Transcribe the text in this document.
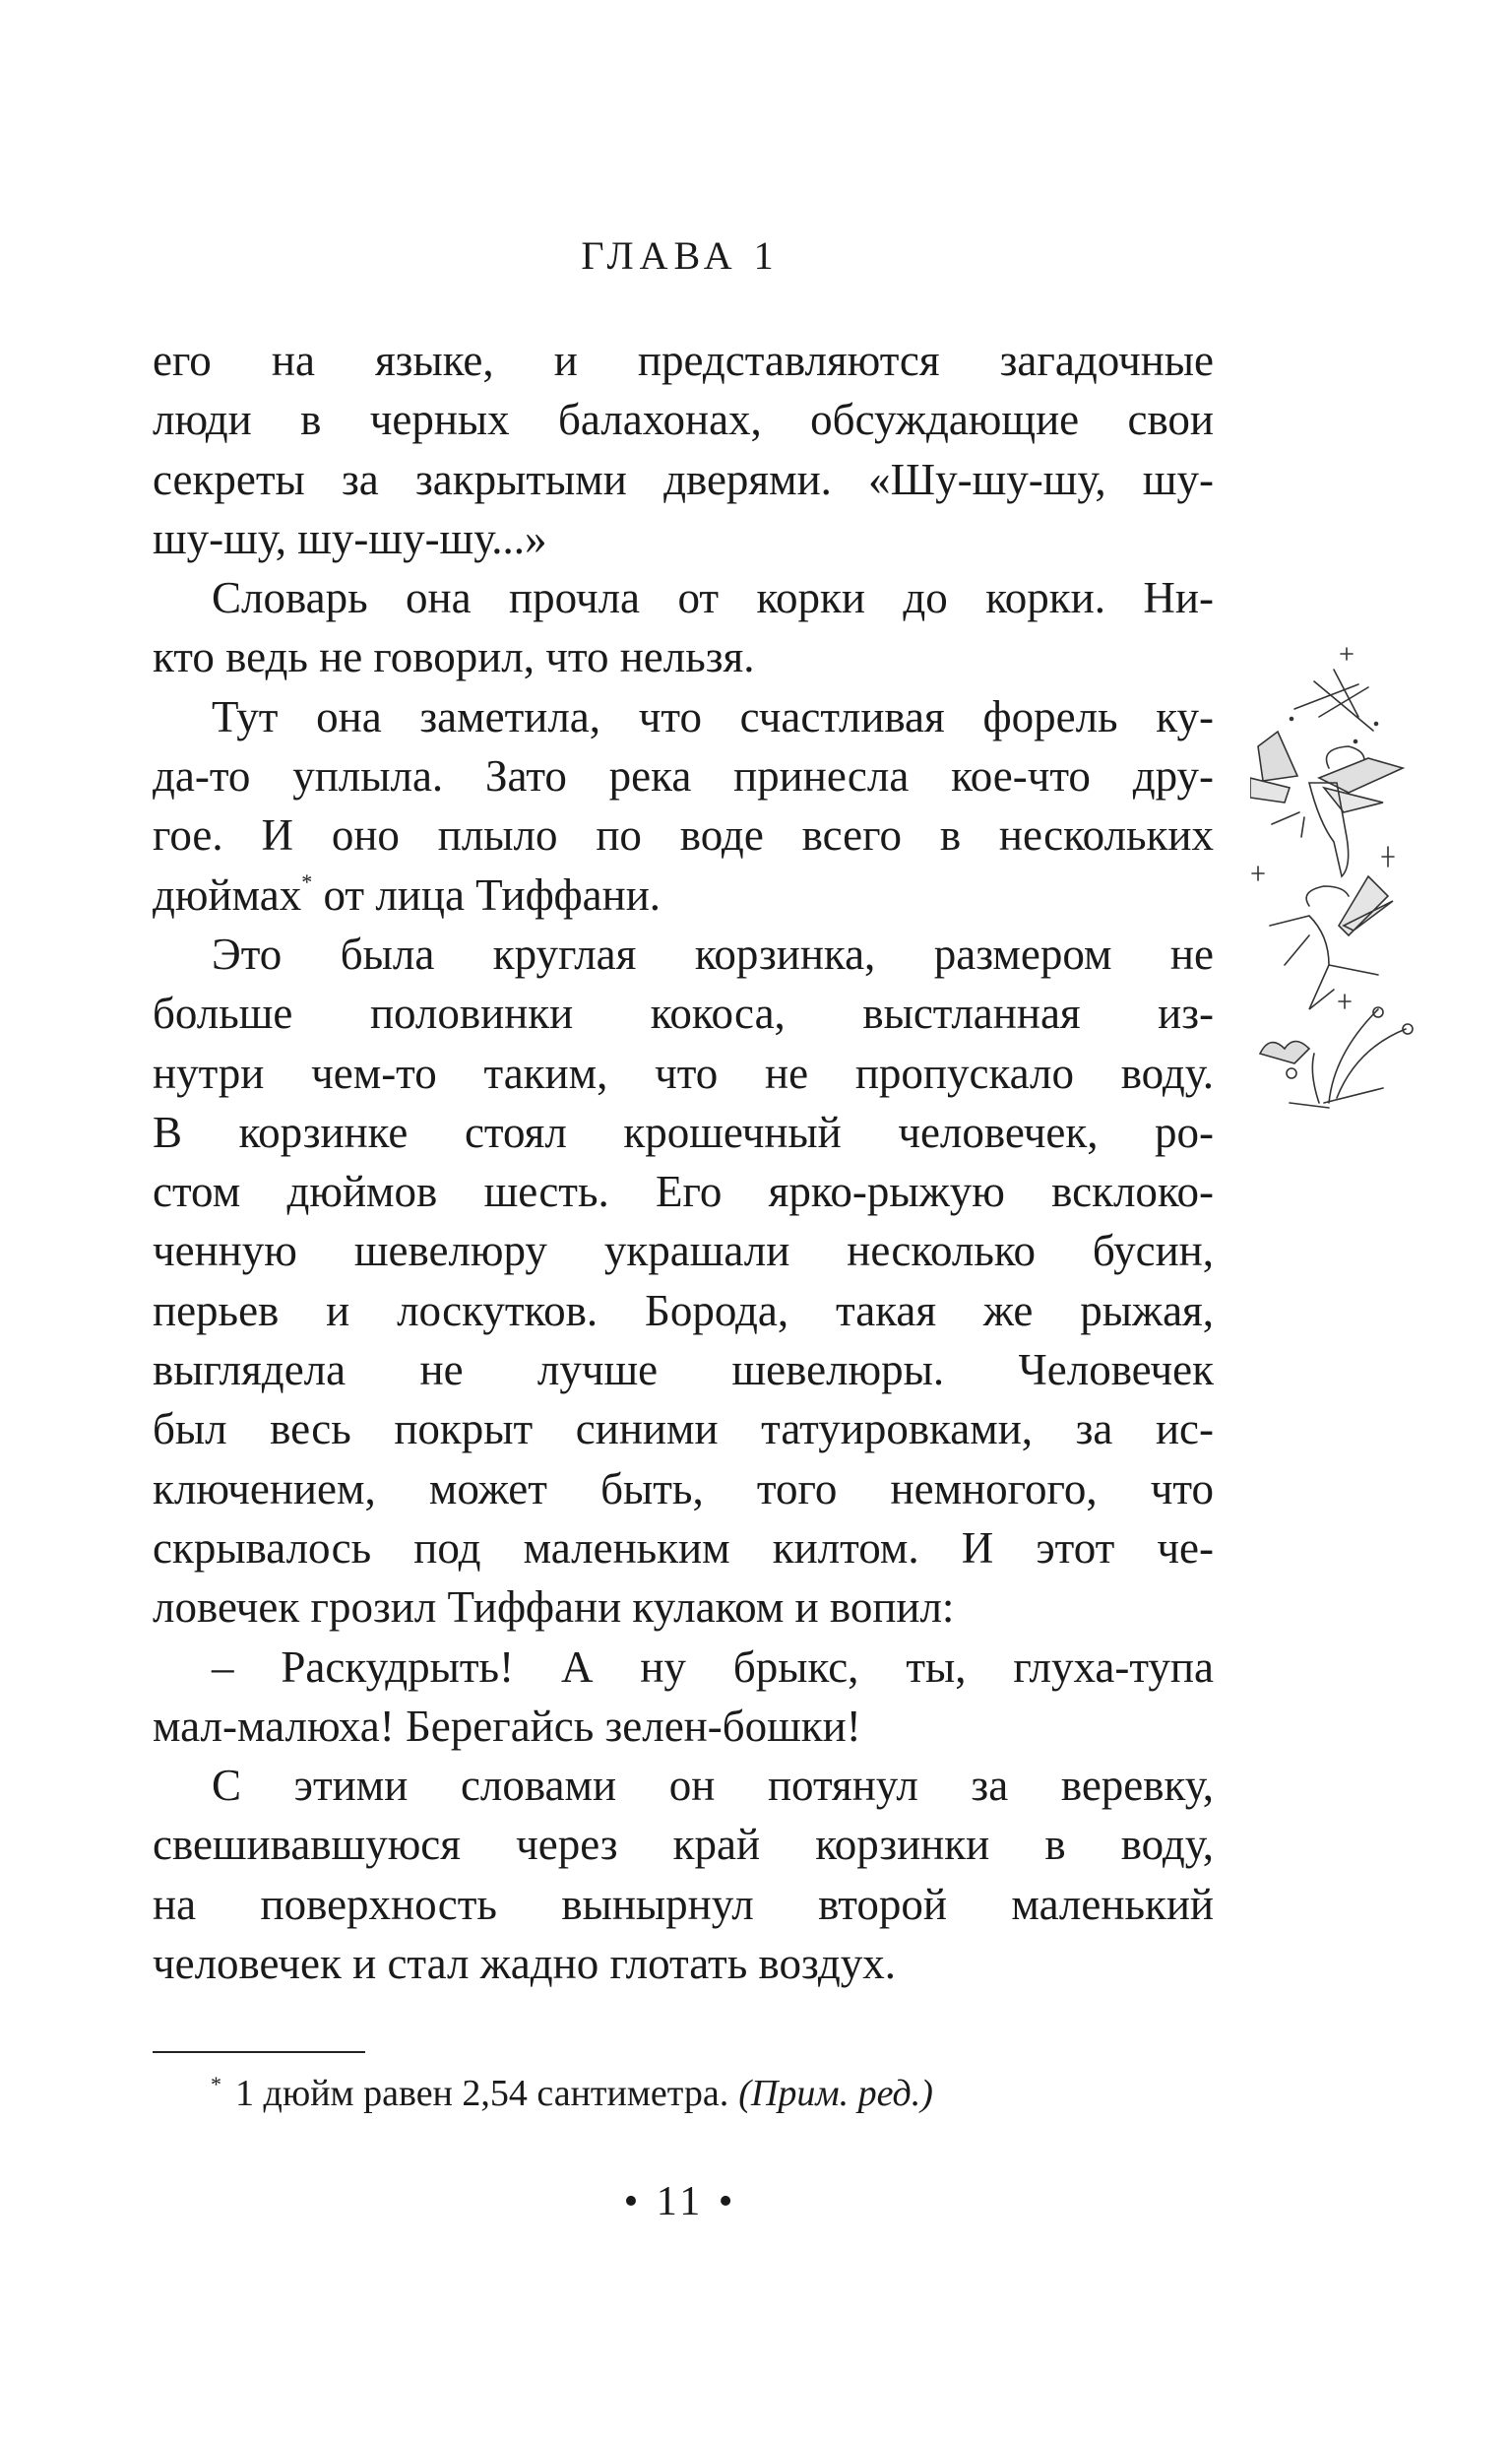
ГЛАВА 1
его на языке, и представляются загадочные
люди в черных балахонах, обсуждающие свои
секреты за закрытыми дверями. «Шу-шу-шу, шу-
шу-шу, шу-шу-шу...»
Словарь она прочла от корки до корки. Ни-
кто ведь не говорил, что нельзя.
Тут она заметила, что счастливая форель ку-
да-то уплыла. Зато река принесла кое-что дру-
гое. И оно плыло по воде всего в нескольких
дюймах* от лица Тиффани.
Это была круглая корзинка, размером не
больше половинки кокоса, выстланная из-
нутри чем-то таким, что не пропускало воду.
В корзинке стоял крошечный человечек, ро-
стом дюймов шесть. Его ярко-рыжую всклоко-
ченную шевелюру украшали несколько бусин,
перьев и лоскутков. Борода, такая же рыжая,
выглядела не лучше шевелюры. Человечек
был весь покрыт синими татуировками, за ис-
ключением, может быть, того немногого, что
скрывалось под маленьким килтом. И этот че-
ловечек грозил Тиффани кулаком и вопил:
– Раскудрыть! А ну брыкс, ты, глуха-тупа
мал-малюха! Берегайсь зелен-бошки!
С этими словами он потянул за веревку,
свешивавшуюся через край корзинки в воду,
на поверхность вынырнул второй маленький
человечек и стал жадно глотать воздух.
* 1 дюйм равен 2,54 сантиметра. (Прим. ред.)
• 11 •
